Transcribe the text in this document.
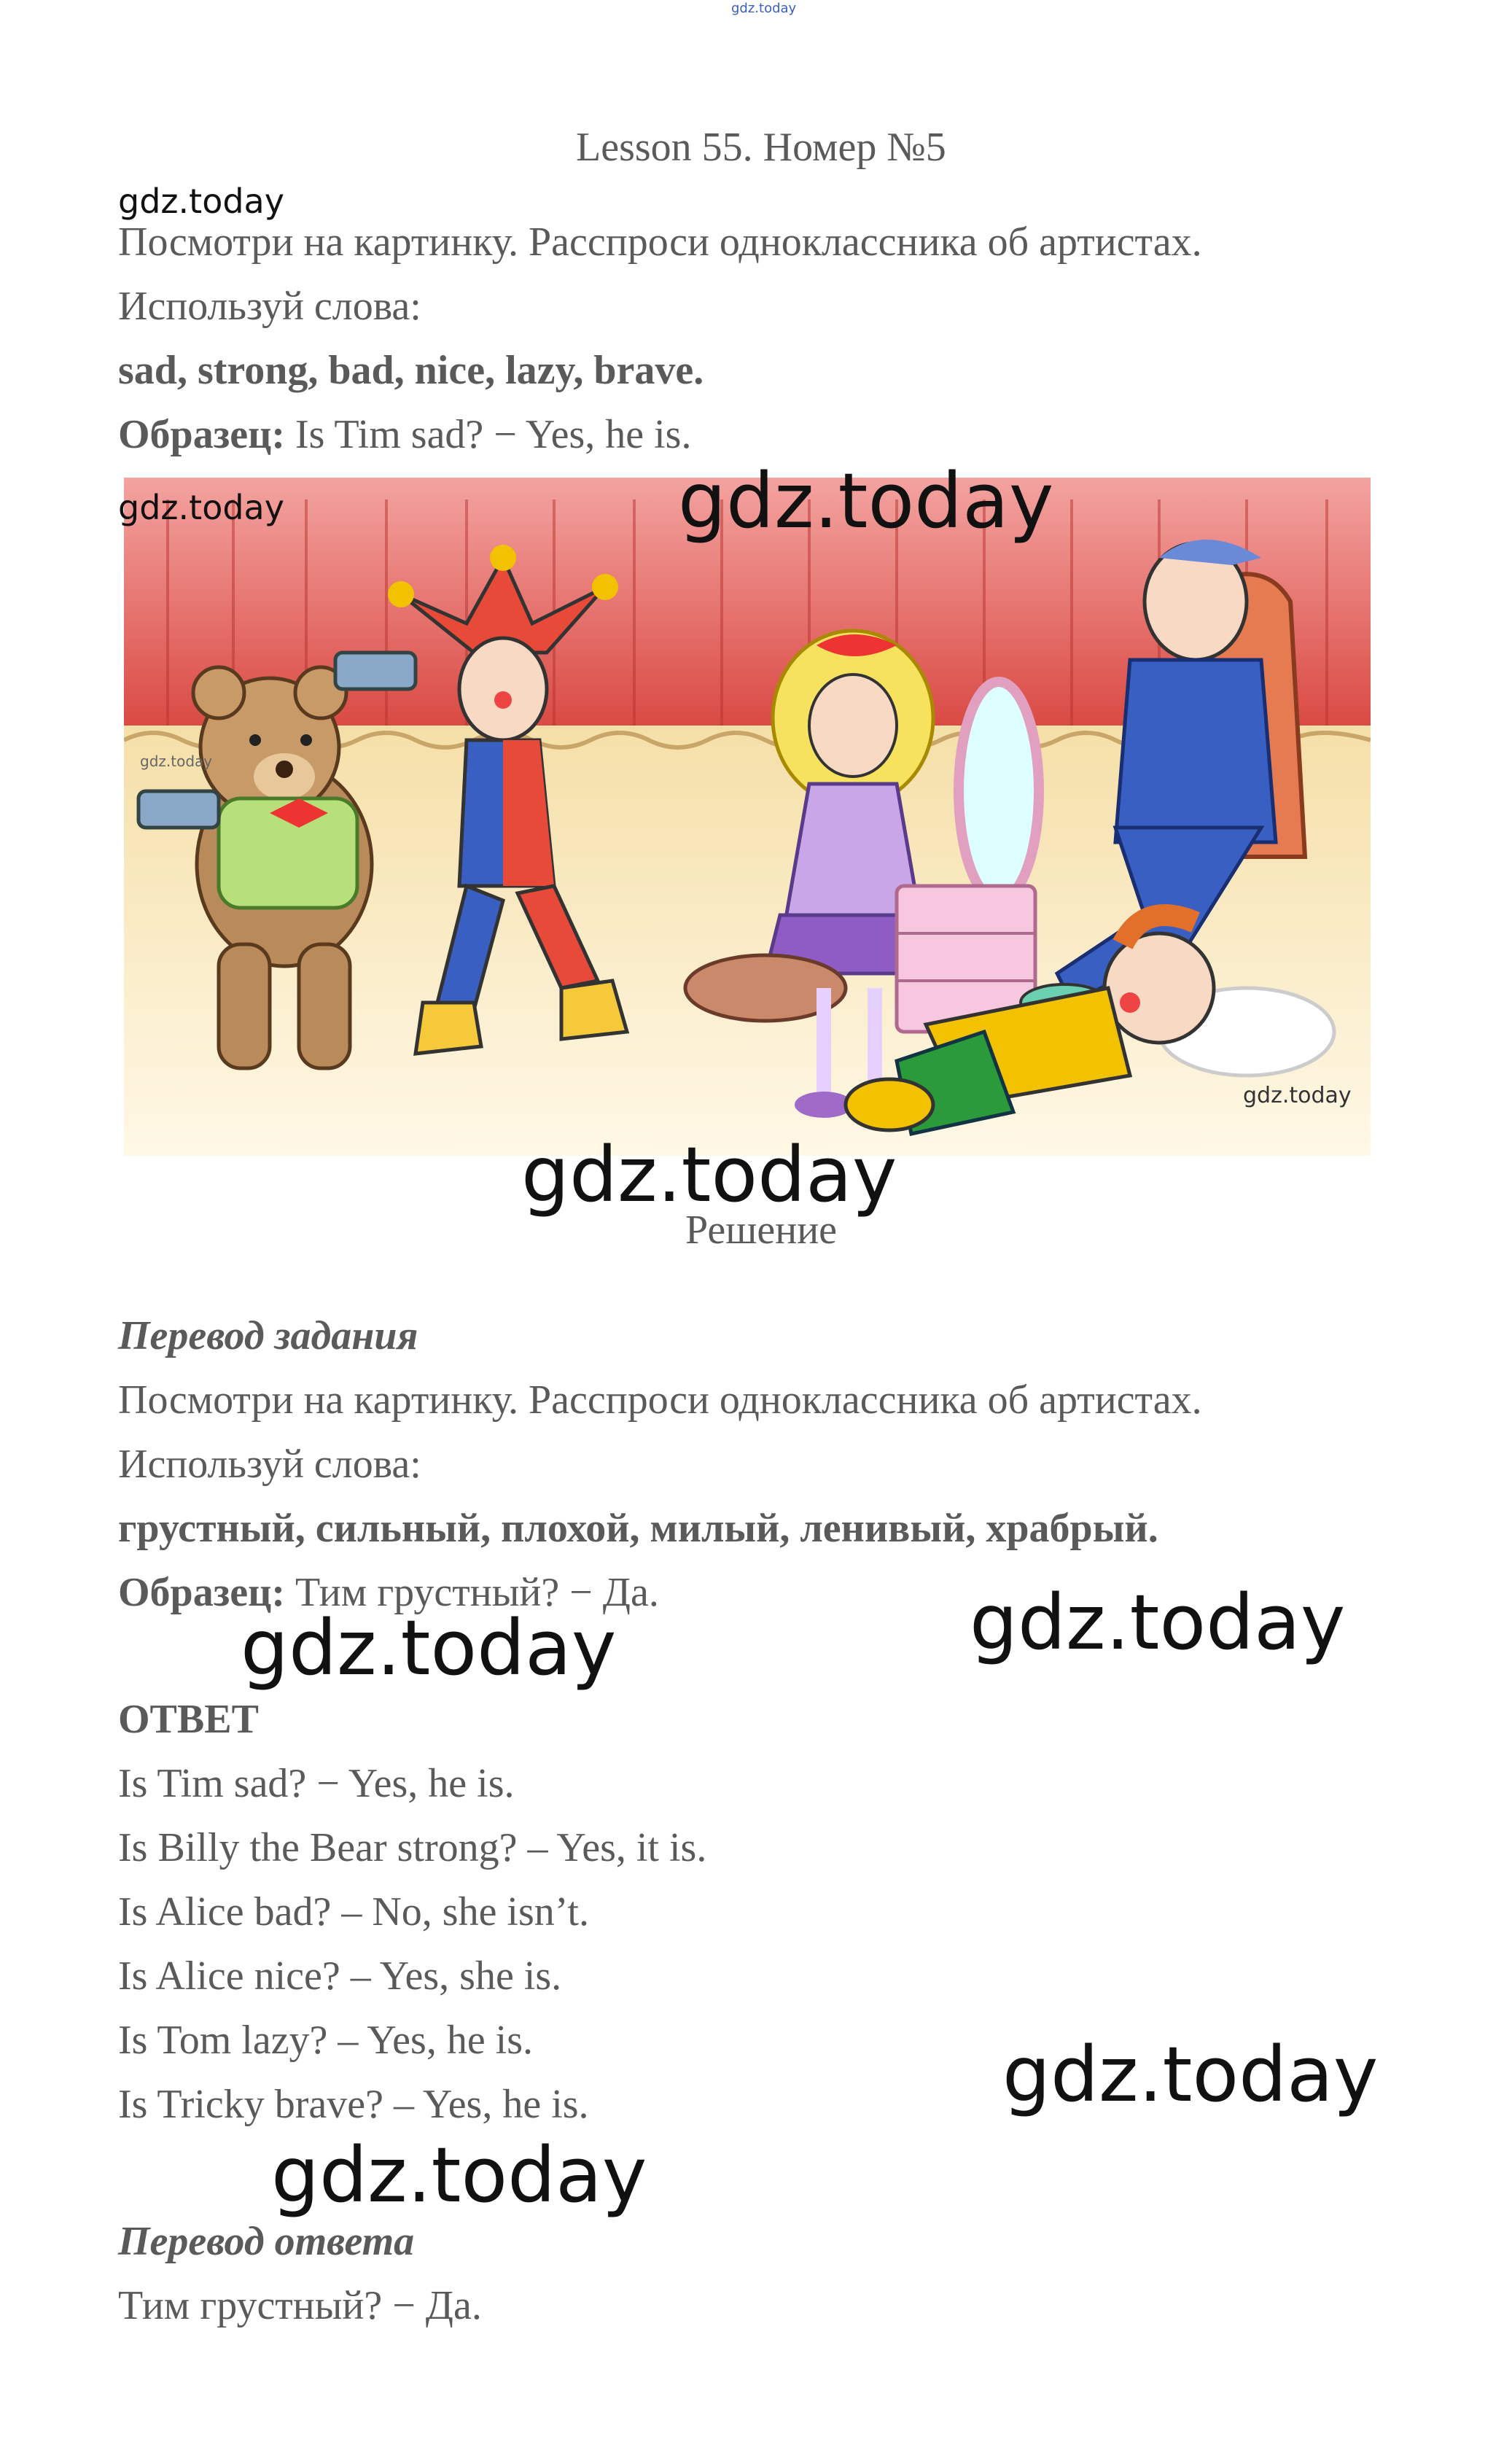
gdz.today
Lesson 55. Номер №5
gdz.today
Посмотри на картинку. Расспроси одноклассника об артистах.
Используй слова:
sad, strong, bad, nice, lazy, brave.
Образец: Is Tim sad? − Yes, he is.
gdz.today	gdz.today
gdz.today
gdz.today
gdz.today
Решение
Перевод задания
Посмотри на картинку. Расспроси одноклассника об артистах.
Используй слова:
грустный, сильный, плохой, милый, ленивый, храбрый.
Образец: Тим грустный? − Да.	gdz.today
gdz.today
ОТВЕТ
Is Tim sad? − Yes, he is.
Is Billy the Bear strong? – Yes, it is.
Is Alice bad? – No, she isn’t.
Is Alice nice? – Yes, she is.
Is Tom lazy? – Yes, he is.
Is Tricky brave? – Yes, he is.	gdz.today
gdz.today
Перевод ответа
Тим грустный? − Да.
